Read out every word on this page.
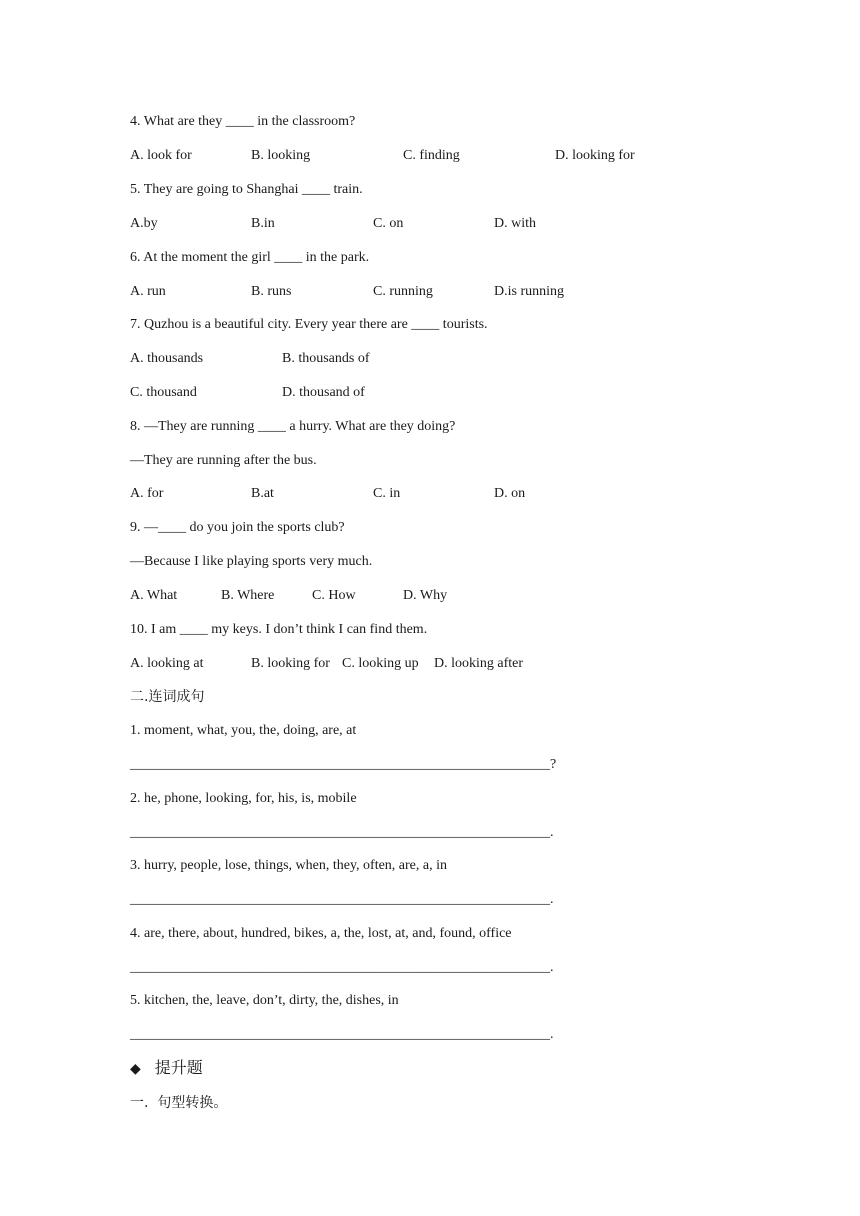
4. What are they ____ in the classroom?
A. look for	B. looking	C. finding	D. looking for
5. They are going to Shanghai ____ train.
A.by	B.in	C. on	D. with
6. At the moment the girl ____ in the park.
A. run	B. runs	C. running	D.is running
7. Quzhou is a beautiful city. Every year there are ____ tourists.
A. thousands	B. thousands of
C. thousand	D. thousand of
8. —They are running ____ a hurry. What are they doing?
—They are running after the bus.
A. for	B.at	C. in	D. on
9. —____ do you join the sports club?
—Because I like playing sports very much.
A. What	B. Where	C. How	D. Why
10. I am ____ my keys. I don’t think I can find them.
A. looking at	B. looking for C. looking up D. looking after
二.连词成句
1. moment, what, you, the, doing, are, at
____________________________________________________________?
2. he, phone, looking, for, his, is, mobile
____________________________________________________________.
3. hurry, people, lose, things, when, they, often, are, a, in
____________________________________________________________.
4. are, there, about, hundred, bikes, a, the, lost, at, and, found, office
____________________________________________________________.
5. kitchen, the, leave, don’t, dirty, the, dishes, in
____________________________________________________________.
◆ 提升题
一.  句型转换。
